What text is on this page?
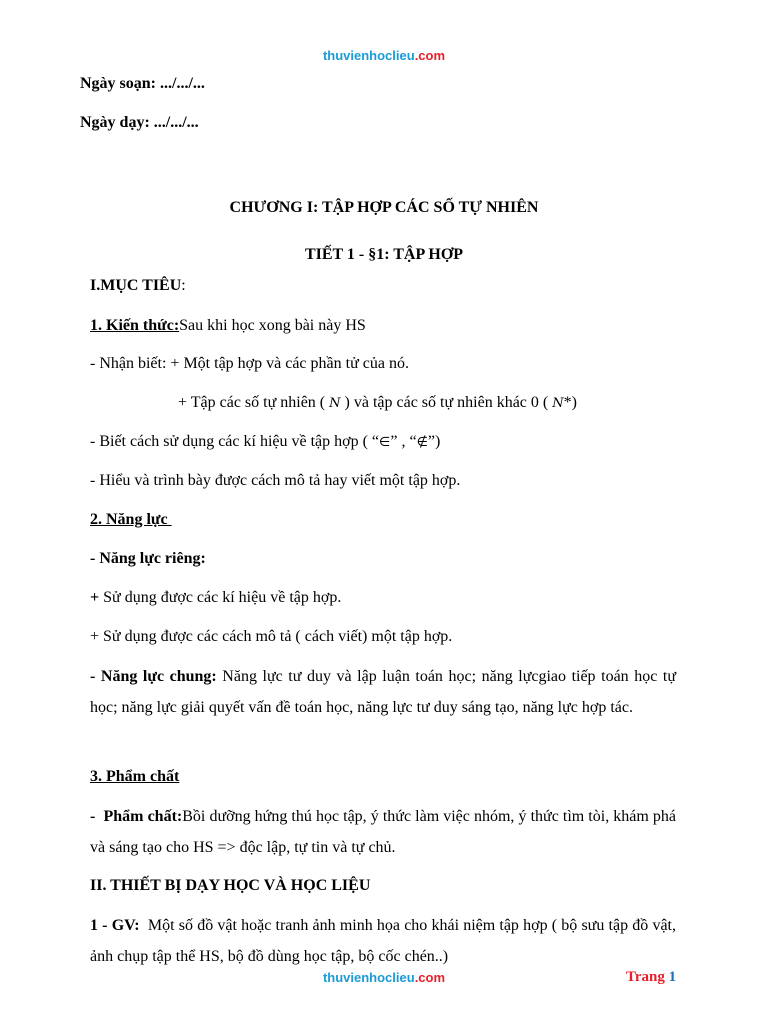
thuvienhoclieu.com
Ngày soạn: .../.../...
Ngày dạy: .../.../...
CHƯƠNG I: TẬP HỢP CÁC SỐ TỰ NHIÊN
TIẾT 1 - §1: TẬP HỢP
I.MỤC TIÊU:
1. Kiến thức:Sau khi học xong bài này HS
- Nhận biết: + Một tập hợp và các phần tử của nó.
+ Tập các số tự nhiên ( N ) và tập các số tự nhiên khác 0 ( N*)
- Biết cách sử dụng các kí hiệu về tập hợp ( “∈” , “∉”)
- Hiểu và trình bày được cách mô tả hay viết một tập hợp.
2. Năng lực
- Năng lực riêng:
+ Sử dụng được các kí hiệu về tập hợp.
+ Sử dụng được các cách mô tả ( cách viết) một tập hợp.
- Năng lực chung: Năng lực tư duy và lập luận toán học; năng lựcgiao tiếp toán học tự học; năng lực giải quyết vấn đề toán học, năng lực tư duy sáng tạo, năng lực hợp tác.
3. Phẩm chất
-  Phẩm chất:Bồi dưỡng hứng thú học tập, ý thức làm việc nhóm, ý thức tìm tòi, khám phá và sáng tạo cho HS => độc lập, tự tin và tự chủ.
II. THIẾT BỊ DẠY HỌC VÀ HỌC LIỆU
1 - GV:  Một số đồ vật hoặc tranh ảnh minh họa cho khái niệm tập hợp ( bộ sưu tập đồ vật, ảnh chụp tập thể HS, bộ đồ dùng học tập, bộ cốc chén..)
thuvienhoclieu.com	Trang 1
